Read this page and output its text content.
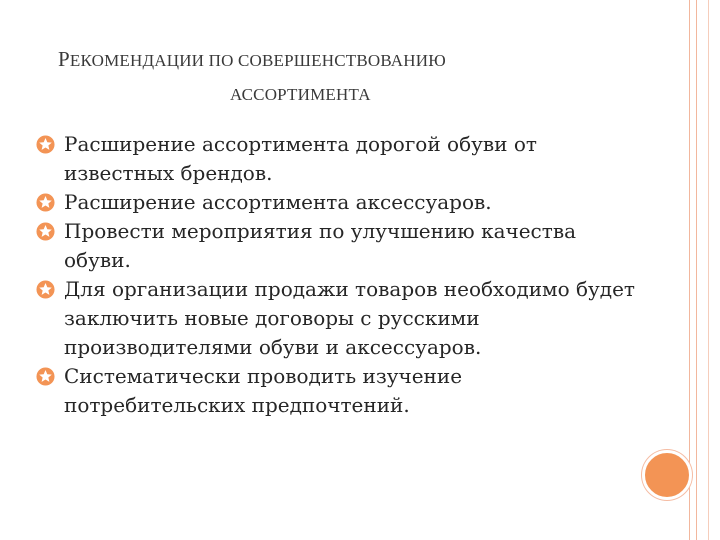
РЕКОМЕНДАЦИИ ПО СОВЕРШЕНСТВОВАНИЮ
АССОРТИМЕНТА
Расширение ассортимента дорогой обуви от известных брендов.
Расширение ассортимента аксессуаров.
Провести мероприятия по улучшению качества обуви.
Для организации продажи товаров необходимо будет заключить новые договоры с русскими производителями обуви и аксессуаров.
Систематически проводить изучение потребительских предпочтений.
